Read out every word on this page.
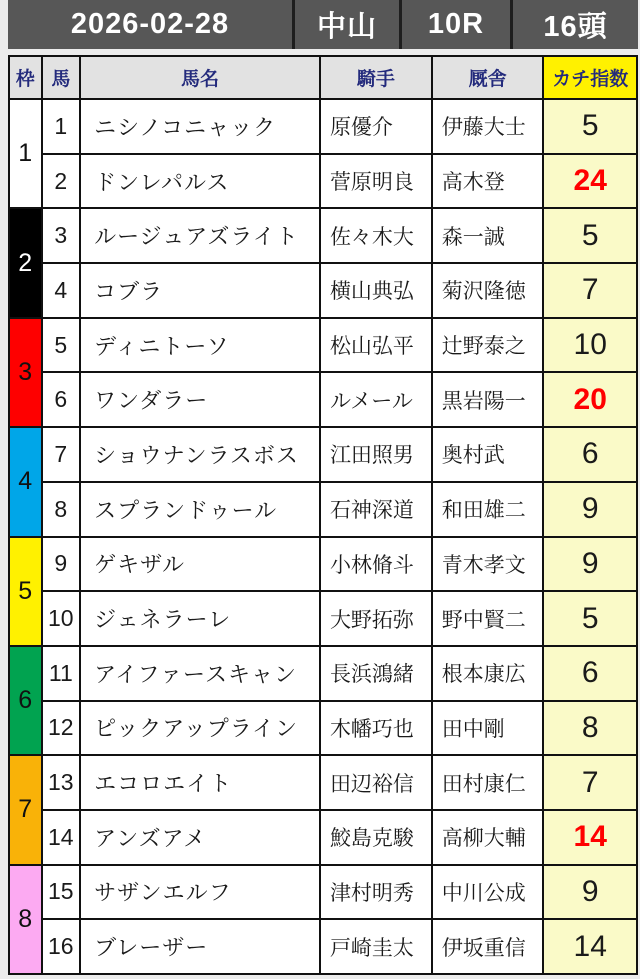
2026-02-28	中山	10R	16頭
枠	馬	馬名	騎手	厩舎	カチ指数
1	1	ニシノコニャック	原優介	伊藤大士	5
	2	ドンレパルス	菅原明良	高木登	24
2	3	ルージュアズライト	佐々木大	森一誠	5
	4	コブラ	横山典弘	菊沢隆徳	7
3	5	ディニトーソ	松山弘平	辻野泰之	10
	6	ワンダラー	ルメール	黒岩陽一	20
4	7	ショウナンラスボス	江田照男	奥村武	6
	8	スプランドゥール	石神深道	和田雄二	9
5	9	ゲキザル	小林脩斗	青木孝文	9
	10	ジェネラーレ	大野拓弥	野中賢二	5
6	11	アイファースキャン	長浜鴻緒	根本康広	6
	12	ピックアップライン	木幡巧也	田中剛	8
7	13	エコロエイト	田辺裕信	田村康仁	7
	14	アンズアメ	鮫島克駿	高柳大輔	14
8	15	サザンエルフ	津村明秀	中川公成	9
	16	ブレーザー	戸崎圭太	伊坂重信	14
